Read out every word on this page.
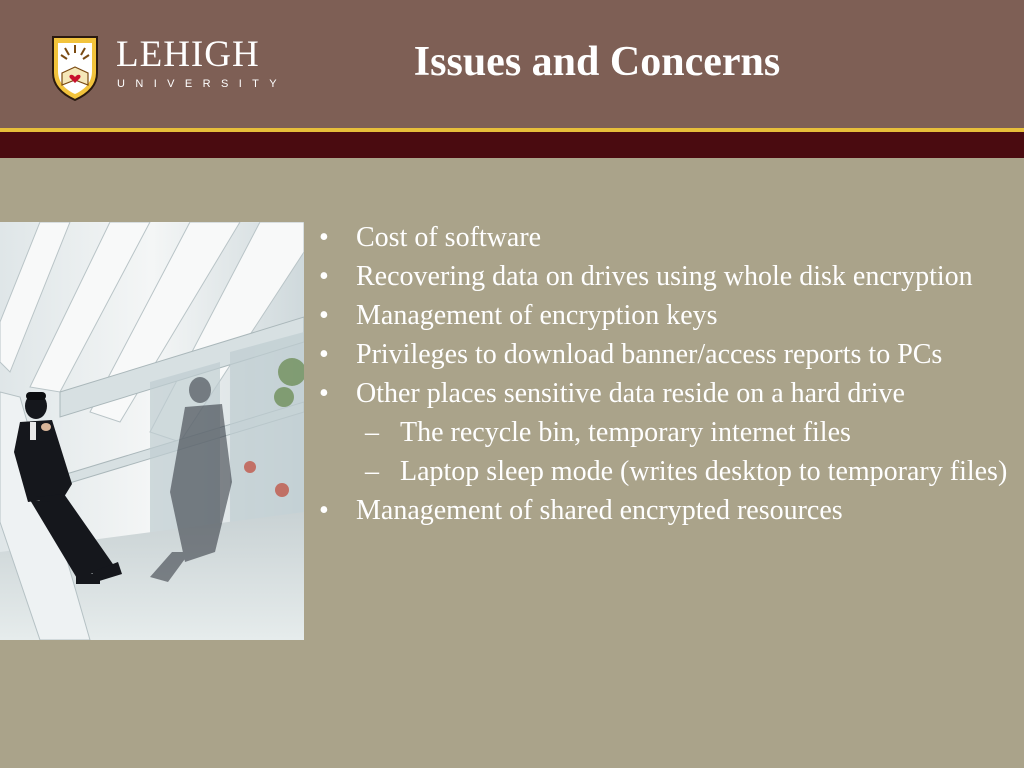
LEHIGH
UNIVERSITY	Issues and Concerns
• Cost of software
• Recovering data on drives using whole disk encryption
• Management of encryption keys
• Privileges to download banner/access reports to PCs
• Other places sensitive data reside on a hard drive
– The recycle bin, temporary internet files
– Laptop sleep mode (writes desktop to temporary files)
• Management of shared encrypted resources
